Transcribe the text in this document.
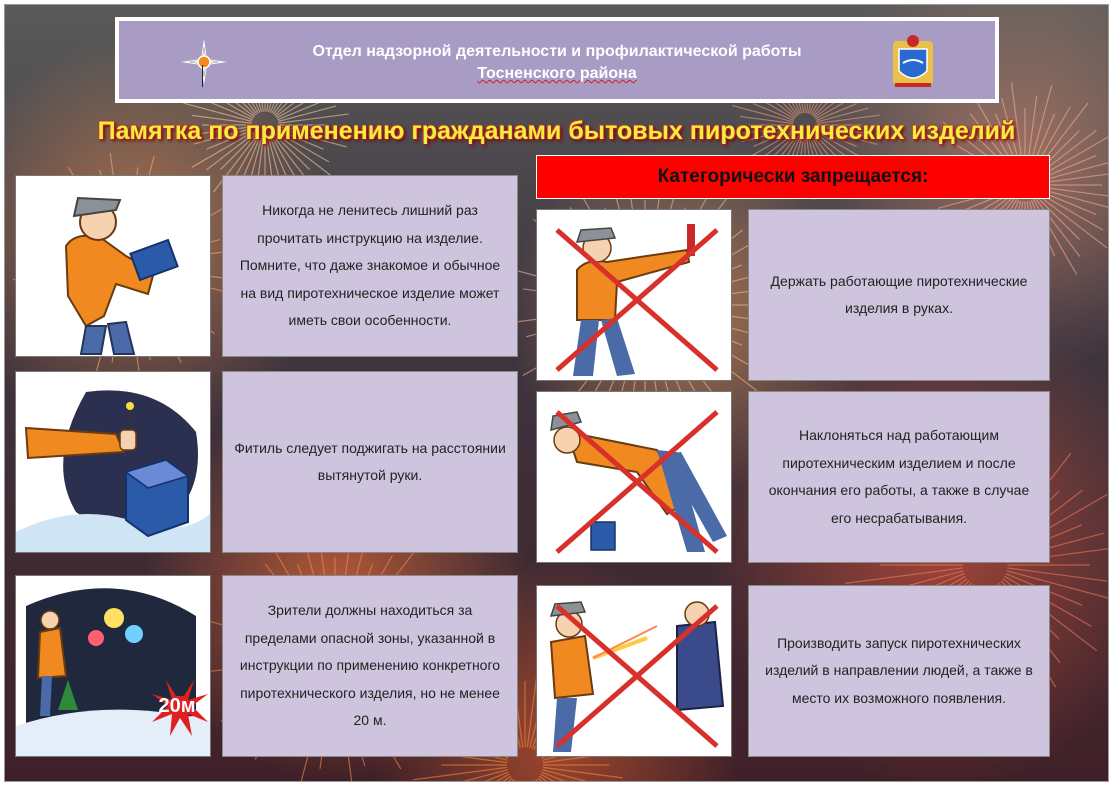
Отдел надзорной деятельности и профилактической работы
Тосненского района
Памятка по применению гражданами бытовых пиротехнических изделий
Никогда не ленитесь лишний раз прочитать инструкцию на изделие. Помните, что даже знакомое и обычное на вид пиротехническое изделие может иметь свои особенности.
Фитиль следует поджигать на расстоянии вытянутой руки.
20м
Зрители должны находиться за пределами опасной зоны, указанной в инструкции по применению конкретного пиротехнического изделия, но не менее 20 м.
Категорически запрещается:
Держать работающие пиротехнические изделия в руках.
Наклоняться над работающим пиротехническим изделием и после окончания его работы, а также в случае его несрабатывания.
Производить запуск пиротехнических изделий в направлении людей, а также в место их возможного появления.
